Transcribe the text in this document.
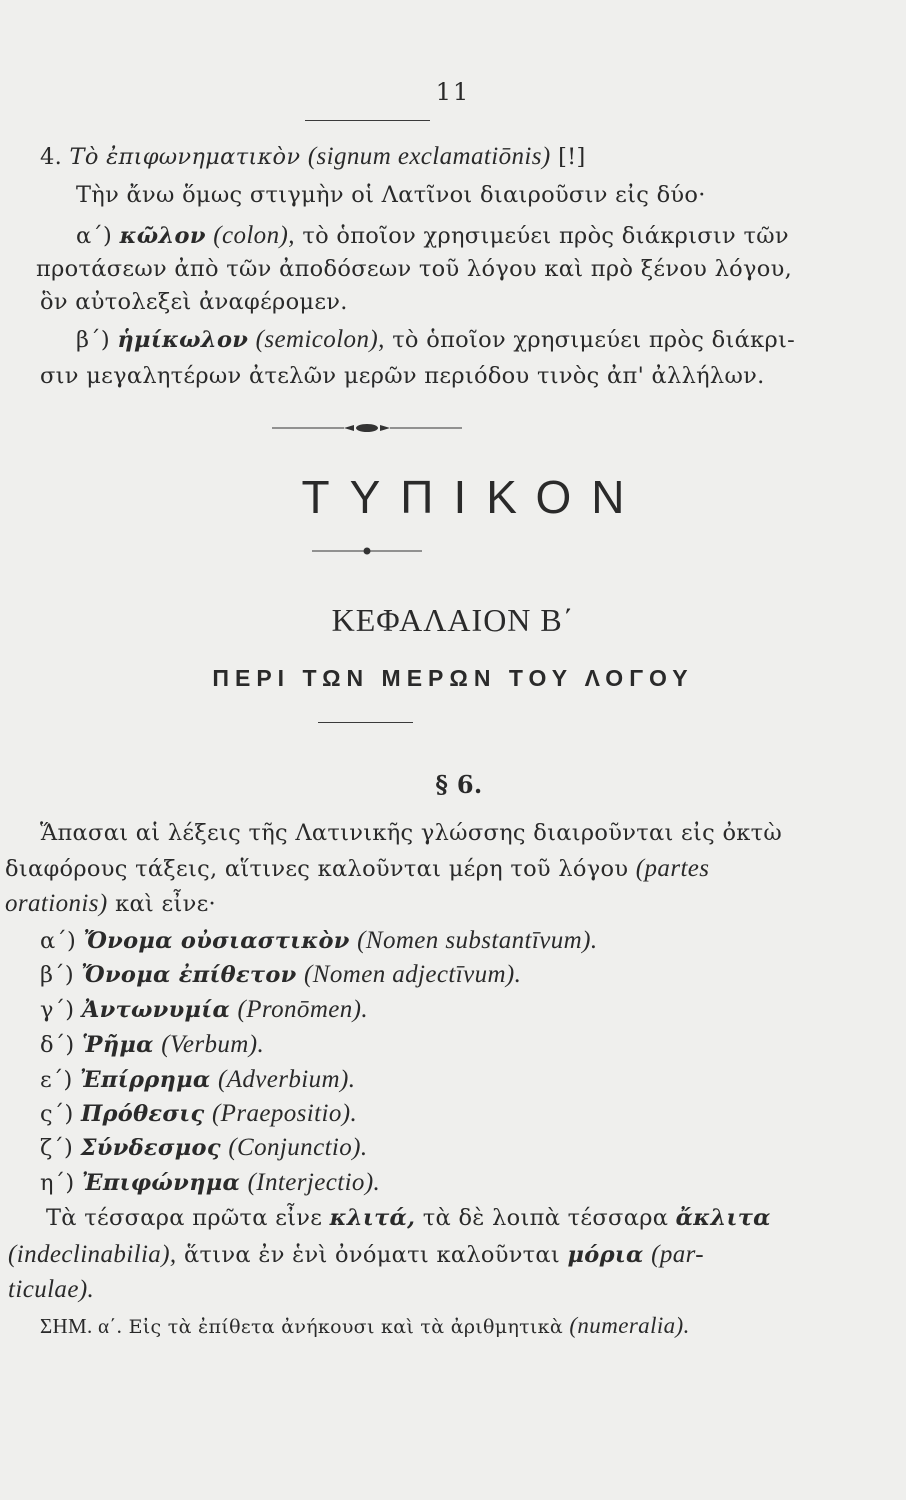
11
4. Τὸ ἐπιφωνηματικὸν (signum exclamatiōnis) [!]
Τὴν ἄνω ὅμως στιγμὴν οἱ Λατῖνοι διαιροῦσιν εἰς δύο·
α΄) κῶλον (colon), τὸ ὁποῖον χρησιμεύει πρὸς διάκρισιν τῶν
προτάσεων ἀπὸ τῶν ἀποδόσεων τοῦ λόγου καὶ πρὸ ξένου λόγου,
ὃν αὐτολεξεὶ ἀναφέρομεν.
β΄) ἡμίκωλον (semicolon), τὸ ὁποῖον χρησιμεύει πρὸς διάκρι-
σιν μεγαλητέρων ἀτελῶν μερῶν περιόδου τινὸς ἀπ' ἀλλήλων.
ΤΥΠΙΚΟΝ
ΚΕΦΑΛΑΙΟΝ Β΄
ΠΕΡΙ ΤΩΝ ΜΕΡΩΝ ΤΟΥ ΛΟΓΟΥ
§ 6.
Ἅπασαι αἱ λέξεις τῆς Λατινικῆς γλώσσης διαιροῦνται εἰς ὀκτὼ
διαφόρους τάξεις, αἵτινες καλοῦνται μέρη τοῦ λόγου (partes
orationis) καὶ εἶνε·
α΄) Ὄνομα οὐσιαστικὸν (Nomen substantīvum).
β΄) Ὄνομα ἐπίθετον (Nomen adjectīvum).
γ΄) Ἀντωνυμία (Pronōmen).
δ΄) Ῥῆμα (Verbum).
ε΄) Ἐπίρρημα (Adverbium).
ς΄) Πρόθεσις (Praepositio).
ζ΄) Σύνδεσμος (Conjunctio).
η΄) Ἐπιφώνημα (Interjectio).
Τὰ τέσσαρα πρῶτα εἶνε κλιτά, τὰ δὲ λοιπὰ τέσσαρα ἄκλιτα
(indeclinabilia), ἅτινα ἐν ἑνὶ ὀνόματι καλοῦνται μόρια (par-
ticulae).
ΣΗΜ. α΄. Εἰς τὰ ἐπίθετα ἀνήκουσι καὶ τὰ ἀριθμητικὰ (numeralia).
